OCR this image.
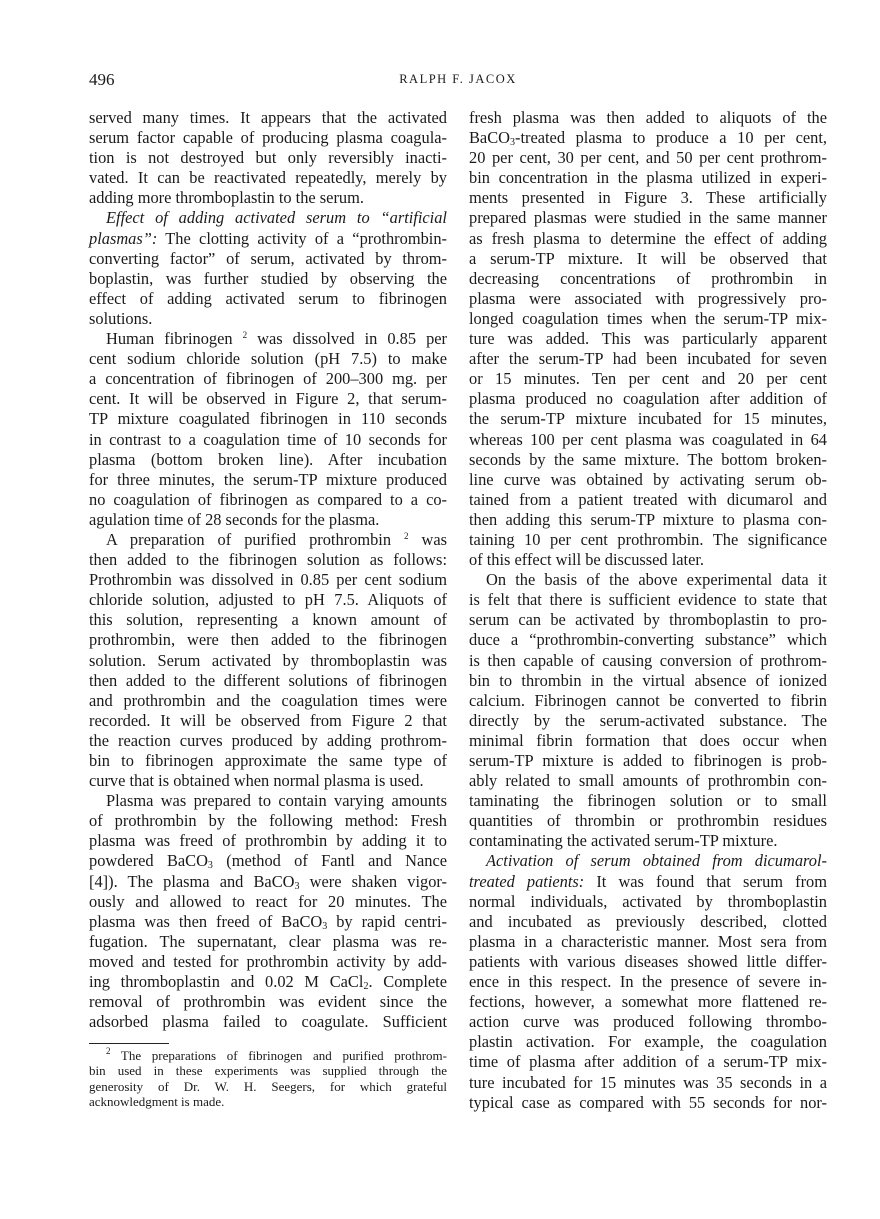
496	RALPH F. JACOX
served many times. It appears that the activated
serum factor capable of producing plasma coagula-
tion is not destroyed but only reversibly inacti-
vated. It can be reactivated repeatedly, merely by
adding more thromboplastin to the serum.
Effect of adding activated serum to “artificial
plasmas”: The clotting activity of a “prothrombin-
converting factor” of serum, activated by throm-
boplastin, was further studied by observing the
effect of adding activated serum to fibrinogen
solutions.
Human fibrinogen $^2$ was dissolved in 0.85 per
cent sodium chloride solution (pH 7.5) to make
a concentration of fibrinogen of 200–300 mg. per
cent. It will be observed in Figure 2, that serum-
TP mixture coagulated fibrinogen in 110 seconds
in contrast to a coagulation time of 10 seconds for
plasma (bottom broken line). After incubation
for three minutes, the serum-TP mixture produced
no coagulation of fibrinogen as compared to a co-
agulation time of 28 seconds for the plasma.
A preparation of purified prothrombin $^2$ was
then added to the fibrinogen solution as follows:
Prothrombin was dissolved in 0.85 per cent sodium
chloride solution, adjusted to pH 7.5. Aliquots of
this solution, representing a known amount of
prothrombin, were then added to the fibrinogen
solution. Serum activated by thromboplastin was
then added to the different solutions of fibrinogen
and prothrombin and the coagulation times were
recorded. It will be observed from Figure 2 that
the reaction curves produced by adding prothrom-
bin to fibrinogen approximate the same type of
curve that is obtained when normal plasma is used.
Plasma was prepared to contain varying amounts
of prothrombin by the following method: Fresh
plasma was freed of prothrombin by adding it to
powdered BaCO$_3$ (method of Fantl and Nance
[4]). The plasma and BaCO$_3$ were shaken vigor-
ously and allowed to react for 20 minutes. The
plasma was then freed of BaCO$_3$ by rapid centri-
fugation. The supernatant, clear plasma was re-
moved and tested for prothrombin activity by add-
ing thromboplastin and 0.02 M CaCl$_2$. Complete
removal of prothrombin was evident since the
adsorbed plasma failed to coagulate. Sufficient
$^2$ The preparations of fibrinogen and purified prothrom-
bin used in these experiments was supplied through the
generosity of Dr. W. H. Seegers, for which grateful
acknowledgment is made.
fresh plasma was then added to aliquots of the
BaCO$_3$-treated plasma to produce a 10 per cent,
20 per cent, 30 per cent, and 50 per cent prothrom-
bin concentration in the plasma utilized in experi-
ments presented in Figure 3. These artificially
prepared plasmas were studied in the same manner
as fresh plasma to determine the effect of adding
a serum-TP mixture. It will be observed that
decreasing concentrations of prothrombin in
plasma were associated with progressively pro-
longed coagulation times when the serum-TP mix-
ture was added. This was particularly apparent
after the serum-TP had been incubated for seven
or 15 minutes. Ten per cent and 20 per cent
plasma produced no coagulation after addition of
the serum-TP mixture incubated for 15 minutes,
whereas 100 per cent plasma was coagulated in 64
seconds by the same mixture. The bottom broken-
line curve was obtained by activating serum ob-
tained from a patient treated with dicumarol and
then adding this serum-TP mixture to plasma con-
taining 10 per cent prothrombin. The significance
of this effect will be discussed later.
On the basis of the above experimental data it
is felt that there is sufficient evidence to state that
serum can be activated by thromboplastin to pro-
duce a “prothrombin-converting substance” which
is then capable of causing conversion of prothrom-
bin to thrombin in the virtual absence of ionized
calcium. Fibrinogen cannot be converted to fibrin
directly by the serum-activated substance. The
minimal fibrin formation that does occur when
serum-TP mixture is added to fibrinogen is prob-
ably related to small amounts of prothrombin con-
taminating the fibrinogen solution or to small
quantities of thrombin or prothrombin residues
contaminating the activated serum-TP mixture.
Activation of serum obtained from dicumarol-
treated patients: It was found that serum from
normal individuals, activated by thromboplastin
and incubated as previously described, clotted
plasma in a characteristic manner. Most sera from
patients with various diseases showed little differ-
ence in this respect. In the presence of severe in-
fections, however, a somewhat more flattened re-
action curve was produced following thrombo-
plastin activation. For example, the coagulation
time of plasma after addition of a serum-TP mix-
ture incubated for 15 minutes was 35 seconds in a
typical case as compared with 55 seconds for nor-
